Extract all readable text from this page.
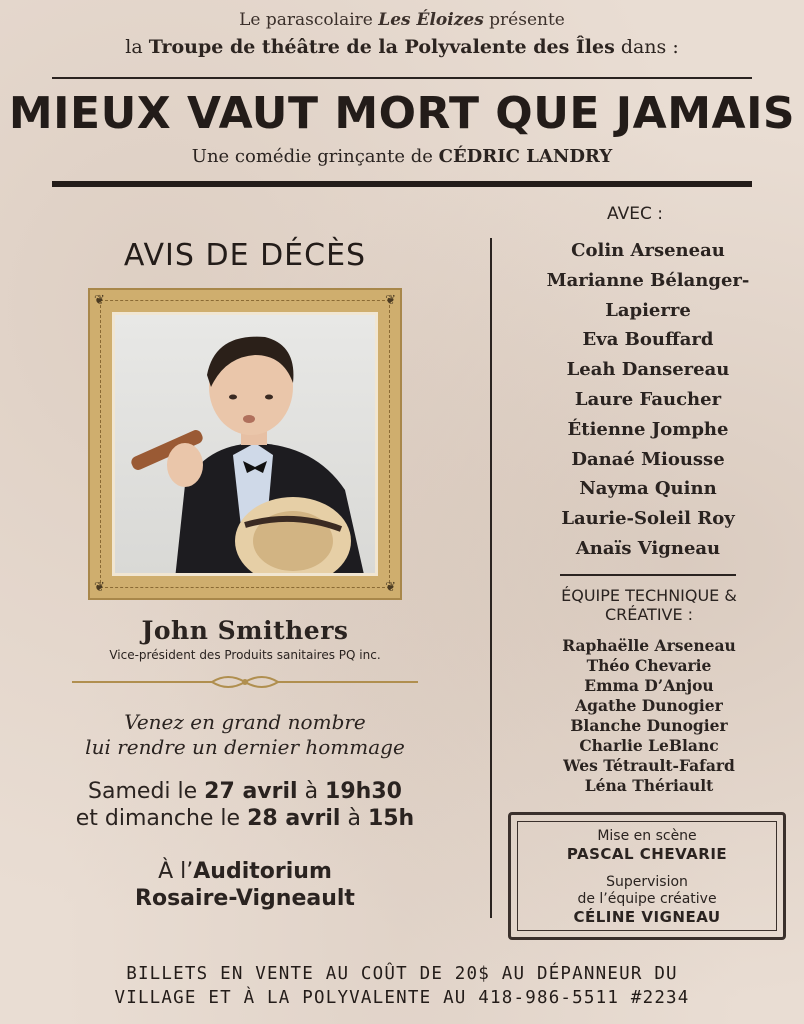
Le parascolaire Les Éloizes présente
la Troupe de théâtre de la Polyvalente des Îles dans :
MIEUX VAUT MORT QUE JAMAIS
Une comédie grinçante de CÉDRIC LANDRY
AVIS DE DÉCÈS
❦	❦
❦	❦
John Smithers
Vice-président des Produits sanitaires PQ inc.
Venez en grand nombre
lui rendre un dernier hommage
Samedi le 27 avril à 19h30
et dimanche le 28 avril à 15h
À l’Auditorium
Rosaire-Vigneault
AVEC :
Colin Arseneau
Marianne Bélanger-
Lapierre
Eva Bouffard
Leah Dansereau
Laure Faucher
Étienne Jomphe
Danaé Miousse
Nayma Quinn
Laurie-Soleil Roy
Anaïs Vigneau
ÉQUIPE TECHNIQUE &
CRÉATIVE :
Raphaëlle Arseneau
Théo Chevarie
Emma D’Anjou
Agathe Dunogier
Blanche Dunogier
Charlie LeBlanc
Wes Tétrault-Fafard
Léna Thériault
Mise en scène
PASCAL CHEVARIE
Supervision
de l’équipe créative
CÉLINE VIGNEAU
BILLETS EN VENTE AU COÛT DE 20$ AU DÉPANNEUR DU
VILLAGE ET À LA POLYVALENTE AU 418-986-5511 #2234
